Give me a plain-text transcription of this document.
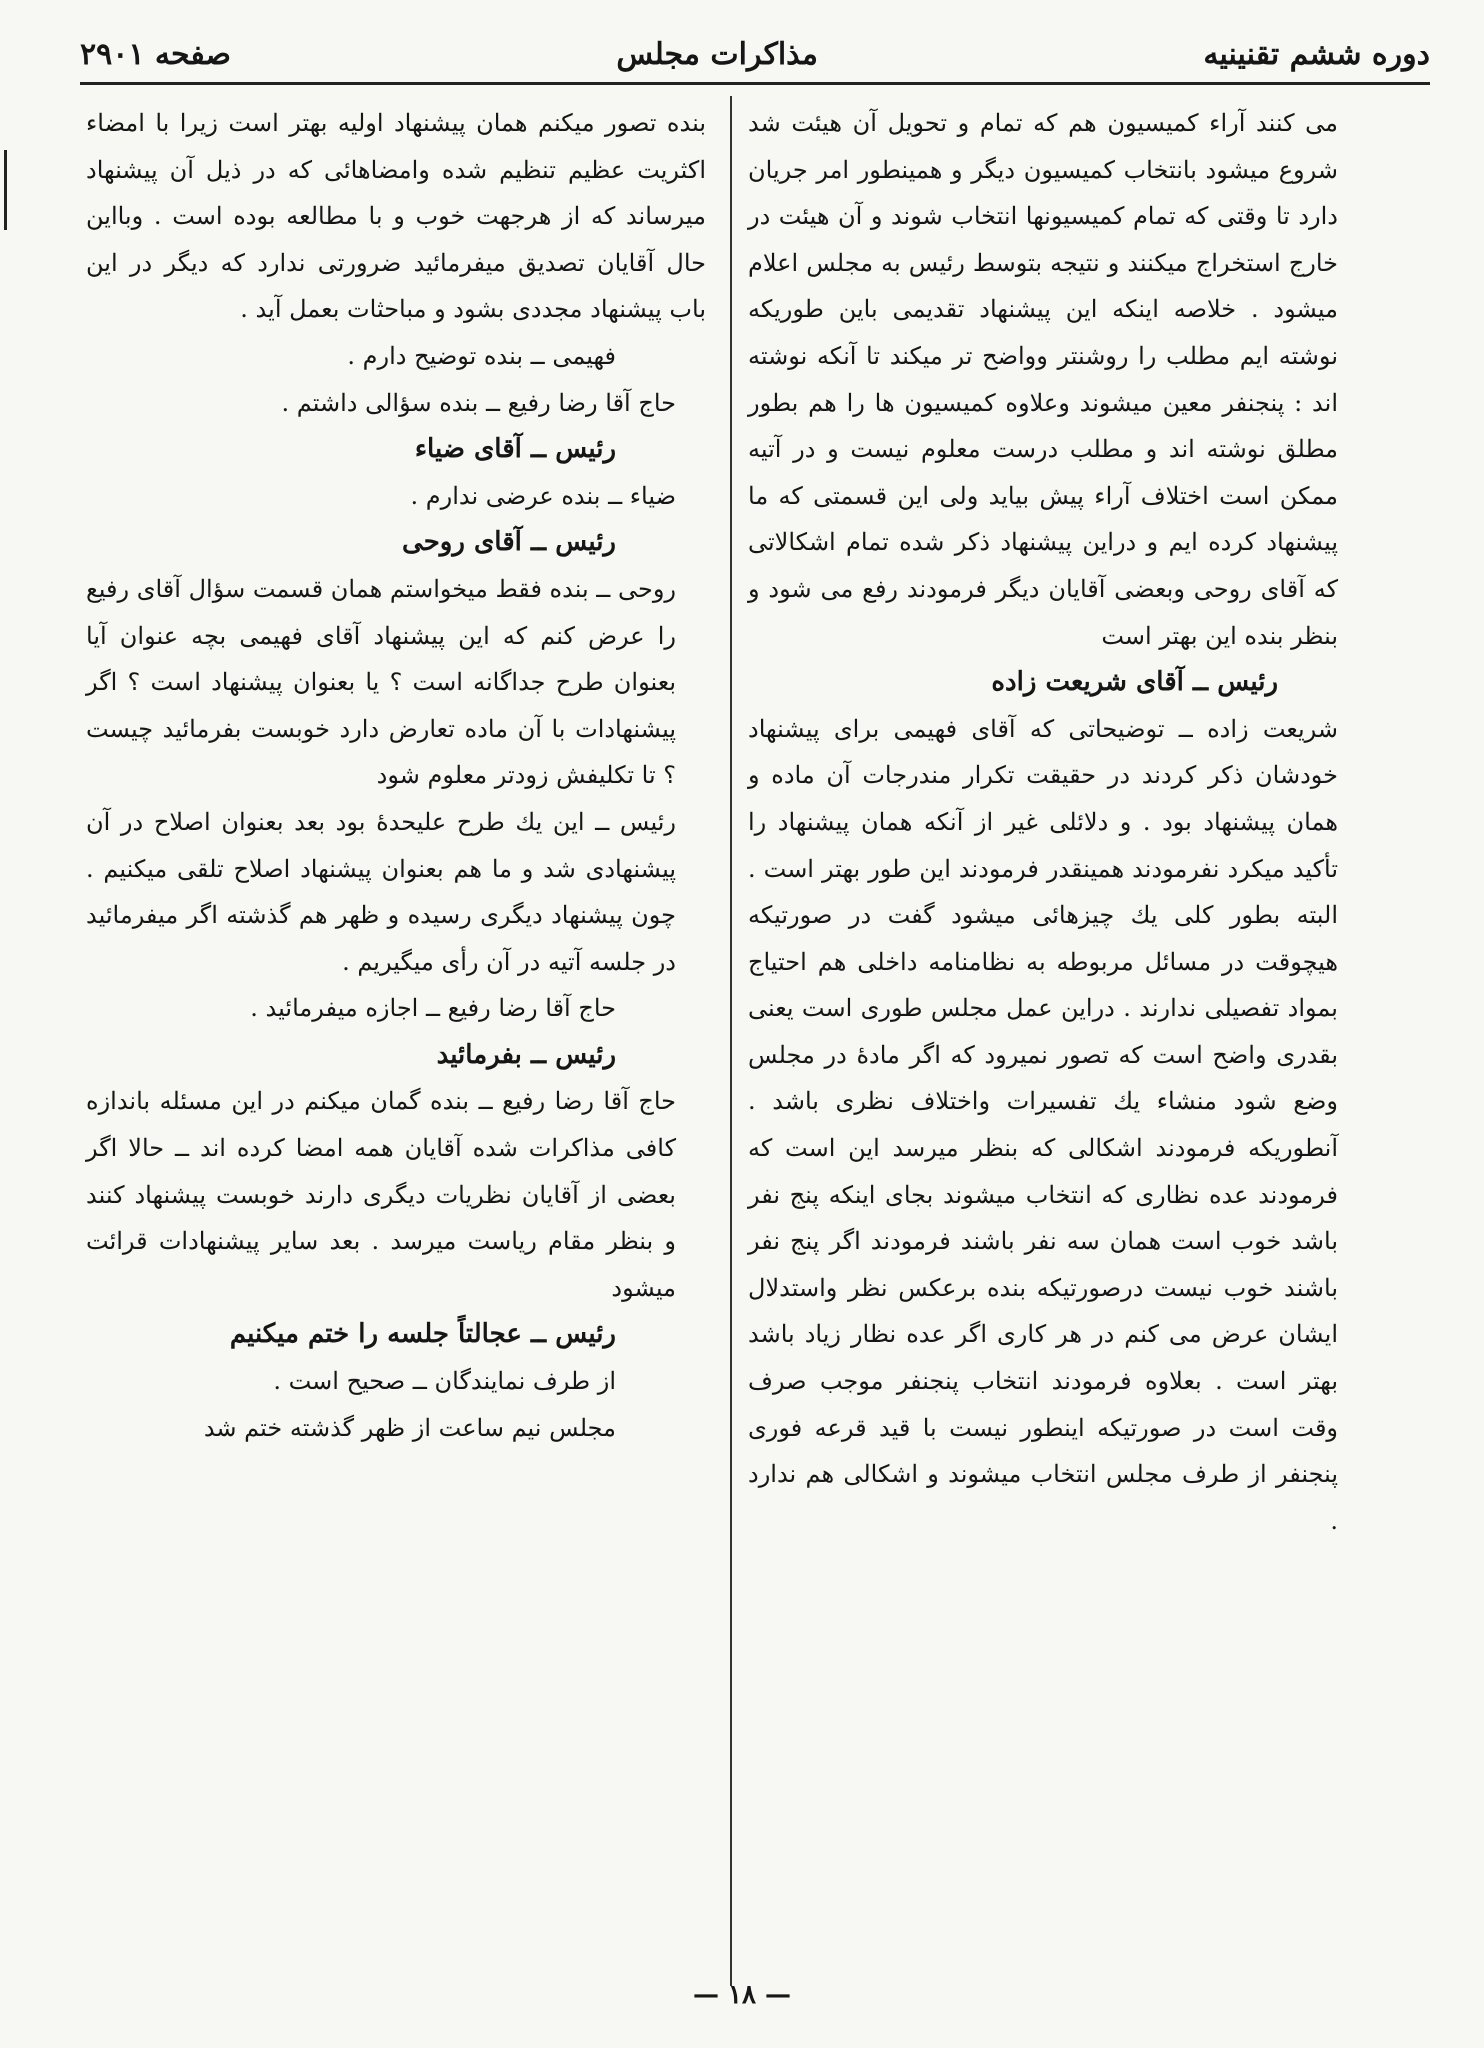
دوره ششم تقنینیه
مذاکرات مجلس
صفحه ۲۹۰۱

می کنند آراء کمیسیون هم که تمام و تحویل آن هیئت شد شروع میشود بانتخاب کمیسیون دیگر و همینطور امر جریان دارد تا وقتی که تمام کمیسیونها انتخاب شوند و آن هیئت در خارج استخراج میکنند و نتیجه بتوسط رئیس به مجلس اعلام میشود . خلاصه اینکه این پیشنهاد تقدیمی باین طوریکه نوشته ایم مطلب را روشنتر وواضح تر میکند تا آنکه نوشته اند : پنجنفر معین میشوند وعلاوه کمیسیون ها را هم بطور مطلق نوشته اند و مطلب درست معلوم نیست و در آتیه ممکن است اختلاف آراء پیش بیاید ولی این قسمتی که ما پیشنهاد کرده ایم و دراین پیشنهاد ذکر شده تمام اشکالاتی که آقای روحی وبعضی آقایان دیگر فرمودند رفع می شود و بنظر بنده این بهتر است

رئیس ــ آقای شریعت زاده

شریعت زاده ــ توضیحاتی که آقای فهیمی برای پیشنهاد خودشان ذکر کردند در حقیقت تکرار مندرجات آن ماده و همان پیشنهاد بود . و دلائلی غیر از آنکه همان پیشنهاد را تأکید میکرد نفرمودند همینقدر فرمودند این طور بهتر است . البته بطور کلی یك چیزهائی میشود گفت در صورتیکه هیچوقت در مسائل مربوطه به نظامنامه داخلی هم احتیاج بمواد تفصیلی ندارند . دراین عمل مجلس طوری است یعنی بقدری واضح است که تصور نمیرود که اگر مادهٔ در مجلس وضع شود منشاء یك تفسیرات واختلاف نظری باشد . آنطوریکه فرمودند اشکالی که بنظر میرسد این است که فرمودند عده نظاری که انتخاب میشوند بجای اینکه پنج نفر باشد خوب است همان سه نفر باشند فرمودند اگر پنج نفر باشند خوب نیست درصورتیکه بنده برعکس نظر واستدلال ایشان عرض می کنم در هر کاری اگر عده نظار زیاد باشد بهتر است . بعلاوه فرمودند انتخاب پنجنفر موجب صرف وقت است در صورتیکه اینطور نیست با قید قرعه فوری پنجنفر از طرف مجلس انتخاب میشوند و اشکالی هم ندارد .

بنده تصور میکنم همان پیشنهاد اولیه بهتر است زیرا با امضاء اکثریت عظیم تنظیم شده وامضاهائی که در ذیل آن پیشنهاد میرساند که از هرجهت خوب و با مطالعه بوده است . وبااین حال آقایان تصدیق میفرمائید ضرورتی ندارد که دیگر در این باب پیشنهاد مجددی بشود و مباحثات بعمل آید .

فهیمی ــ بنده توضیح دارم .

حاج آقا رضا رفیع ــ بنده سؤالی داشتم .

رئیس ــ آقای ضیاء

ضیاء ــ بنده عرضی ندارم .

رئیس ــ آقای روحی

روحی ــ بنده فقط میخواستم همان قسمت سؤال آقای رفیع را عرض کنم که این پیشنهاد آقای فهیمی بچه عنوان آیا بعنوان طرح جداگانه است ؟ یا بعنوان پیشنهاد است ؟ اگر پیشنهادات با آن ماده تعارض دارد خوبست بفرمائید چیست ؟ تا تکلیفش زودتر معلوم شود

رئیس ــ این یك طرح علیحدهٔ بود بعد بعنوان اصلاح در آن پیشنهادی شد و ما هم بعنوان پیشنهاد اصلاح تلقی میکنیم . چون پیشنهاد دیگری رسیده و ظهر هم گذشته اگر میفرمائید در جلسه آتیه در آن رأی میگیریم .

حاج آقا رضا رفیع ــ اجازه میفرمائید .

رئیس ــ بفرمائید

حاج آقا رضا رفیع ــ بنده گمان میکنم در این مسئله باندازه کافی مذاکرات شده آقایان همه امضا کرده اند ــ حالا اگر بعضی از آقایان نظریات دیگری دارند خوبست پیشنهاد کنند و بنظر مقام ریاست میرسد . بعد سایر پیشنهادات قرائت میشود

رئیس ــ عجالتاً جلسه را ختم میکنیم

از طرف نمایندگان ــ صحیح است .

مجلس نیم ساعت از ظهر گذشته ختم شد

— ۱۸ —
